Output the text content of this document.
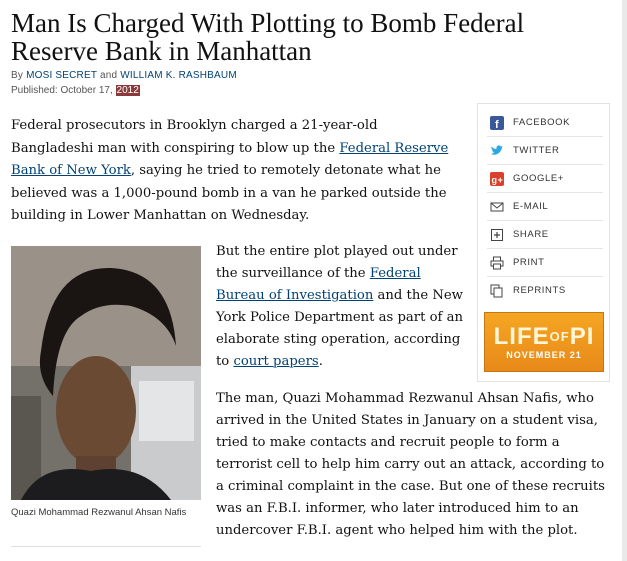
Man Is Charged With Plotting to Bomb Federal Reserve Bank in Manhattan
By MOSI SECRET and WILLIAM K. RASHBAUM
Published: October 17, 2012

Federal prosecutors in Brooklyn charged a 21-year-old Bangladeshi man with conspiring to blow up the Federal Reserve Bank of New York, saying he tried to remotely detonate what he believed was a 1,000-pound bomb in a van he parked outside the building in Lower Manhattan on Wednesday.

Quazi Mohammad Rezwanul Ahsan Nafis

But the entire plot played out under the surveillance of the Federal Bureau of Investigation and the New York Police Department as part of an elaborate sting operation, according to court papers.

The man, Quazi Mohammad Rezwanul Ahsan Nafis, who arrived in the United States in January on a student visa, tried to make contacts and recruit people to form a terrorist cell to help him carry out an attack, according to a criminal complaint in the case. But one of these recruits was an F.B.I. informer, who later introduced him to an undercover F.B.I. agent who helped him with the plot.

f FACEBOOK
TWITTER
g+ GOOGLE+
E-MAIL
SHARE
PRINT
REPRINTS
$LIFE^{OF}PI$
NOVEMBER 21
